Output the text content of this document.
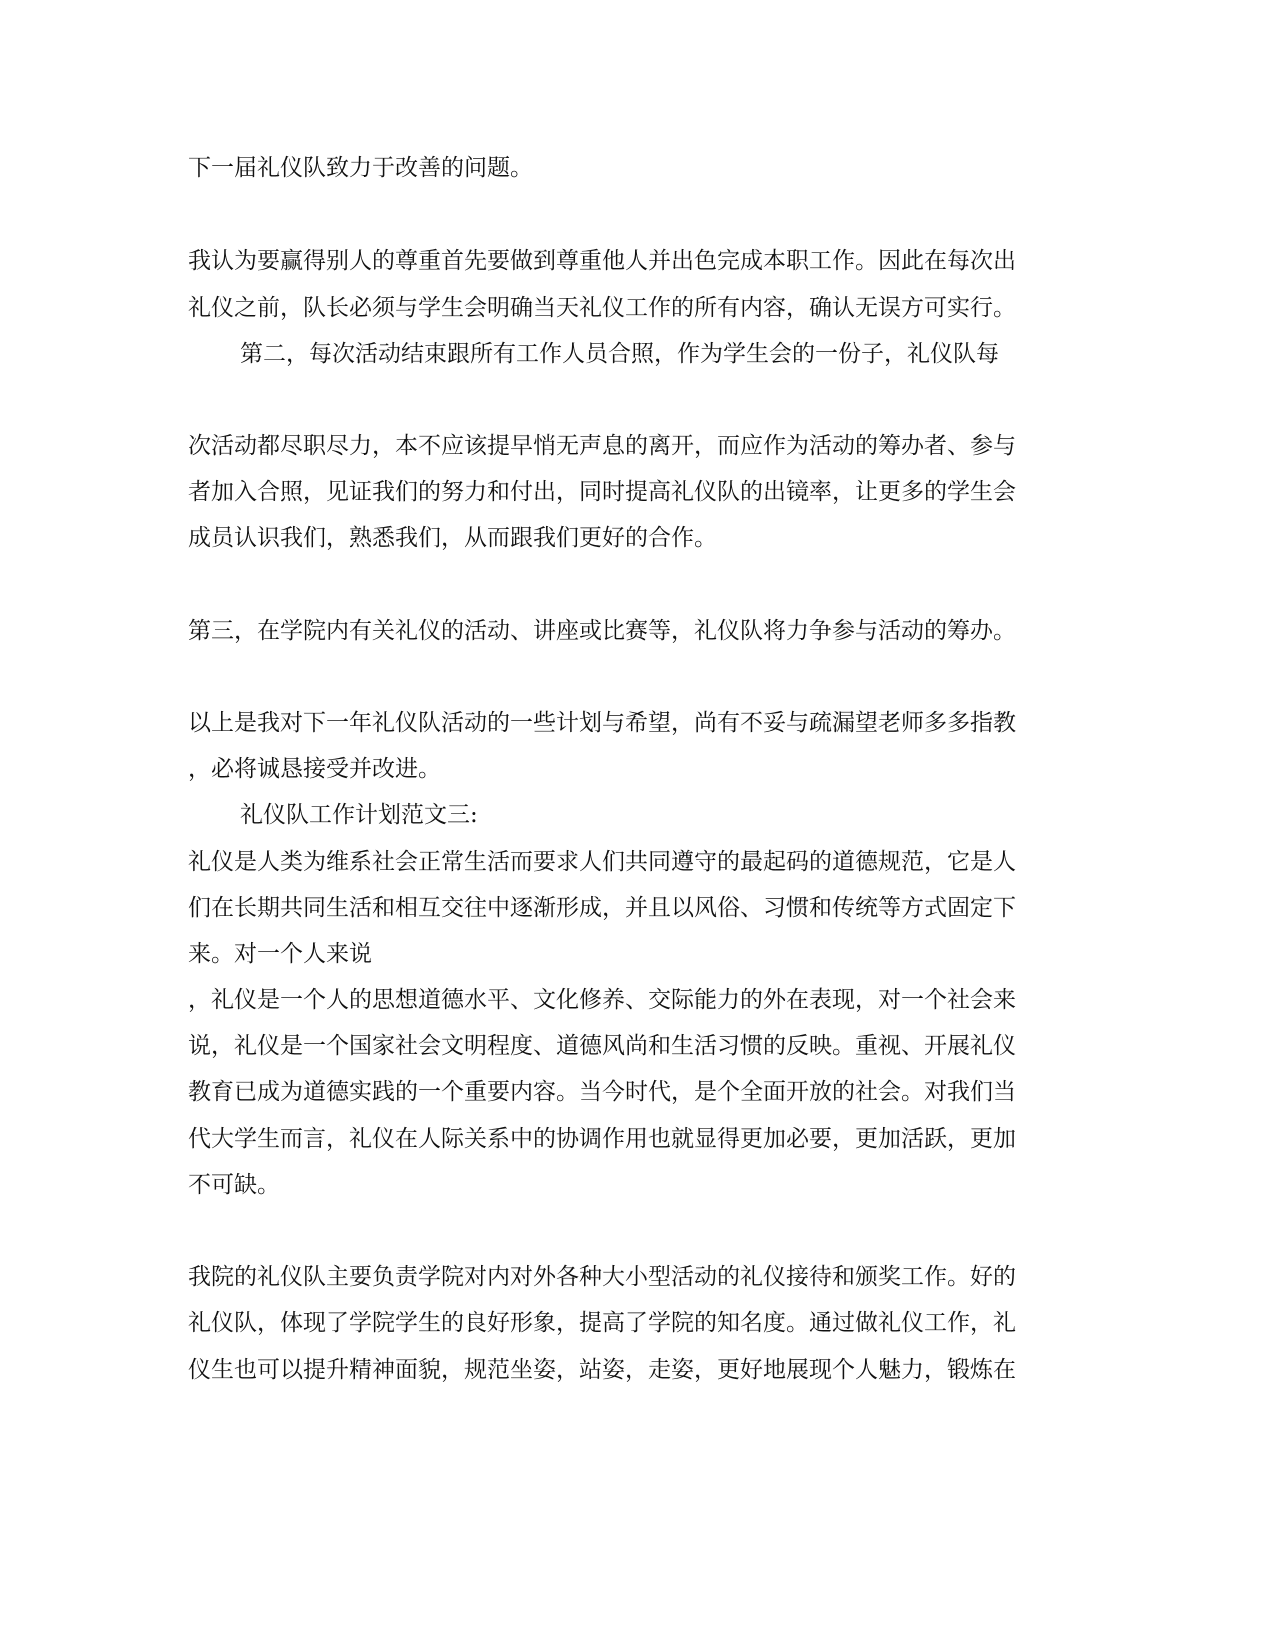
下一届礼仪队致力于改善的问题。
我认为要赢得别人的尊重首先要做到尊重他人并出色完成本职工作。因此在每次出
礼仪之前，队长必须与学生会明确当天礼仪工作的所有内容，确认无误方可实行。
第二，每次活动结束跟所有工作人员合照，作为学生会的一份子，礼仪队每
次活动都尽职尽力，本不应该提早悄无声息的离开，而应作为活动的筹办者、参与
者加入合照，见证我们的努力和付出，同时提高礼仪队的出镜率，让更多的学生会
成员认识我们，熟悉我们，从而跟我们更好的合作。
第三，在学院内有关礼仪的活动、讲座或比赛等，礼仪队将力争参与活动的筹办。
以上是我对下一年礼仪队活动的一些计划与希望，尚有不妥与疏漏望老师多多指教
，必将诚恳接受并改进。
礼仪队工作计划范文三:
礼仪是人类为维系社会正常生活而要求人们共同遵守的最起码的道德规范，它是人
们在长期共同生活和相互交往中逐渐形成，并且以风俗、习惯和传统等方式固定下
来。对一个人来说
，礼仪是一个人的思想道德水平、文化修养、交际能力的外在表现，对一个社会来
说，礼仪是一个国家社会文明程度、道德风尚和生活习惯的反映。重视、开展礼仪
教育已成为道德实践的一个重要内容。当今时代，是个全面开放的社会。对我们当
代大学生而言，礼仪在人际关系中的协调作用也就显得更加必要，更加活跃，更加
不可缺。
我院的礼仪队主要负责学院对内对外各种大小型活动的礼仪接待和颁奖工作。好的
礼仪队，体现了学院学生的良好形象，提高了学院的知名度。通过做礼仪工作，礼
仪生也可以提升精神面貌，规范坐姿，站姿，走姿，更好地展现个人魅力，锻炼在
